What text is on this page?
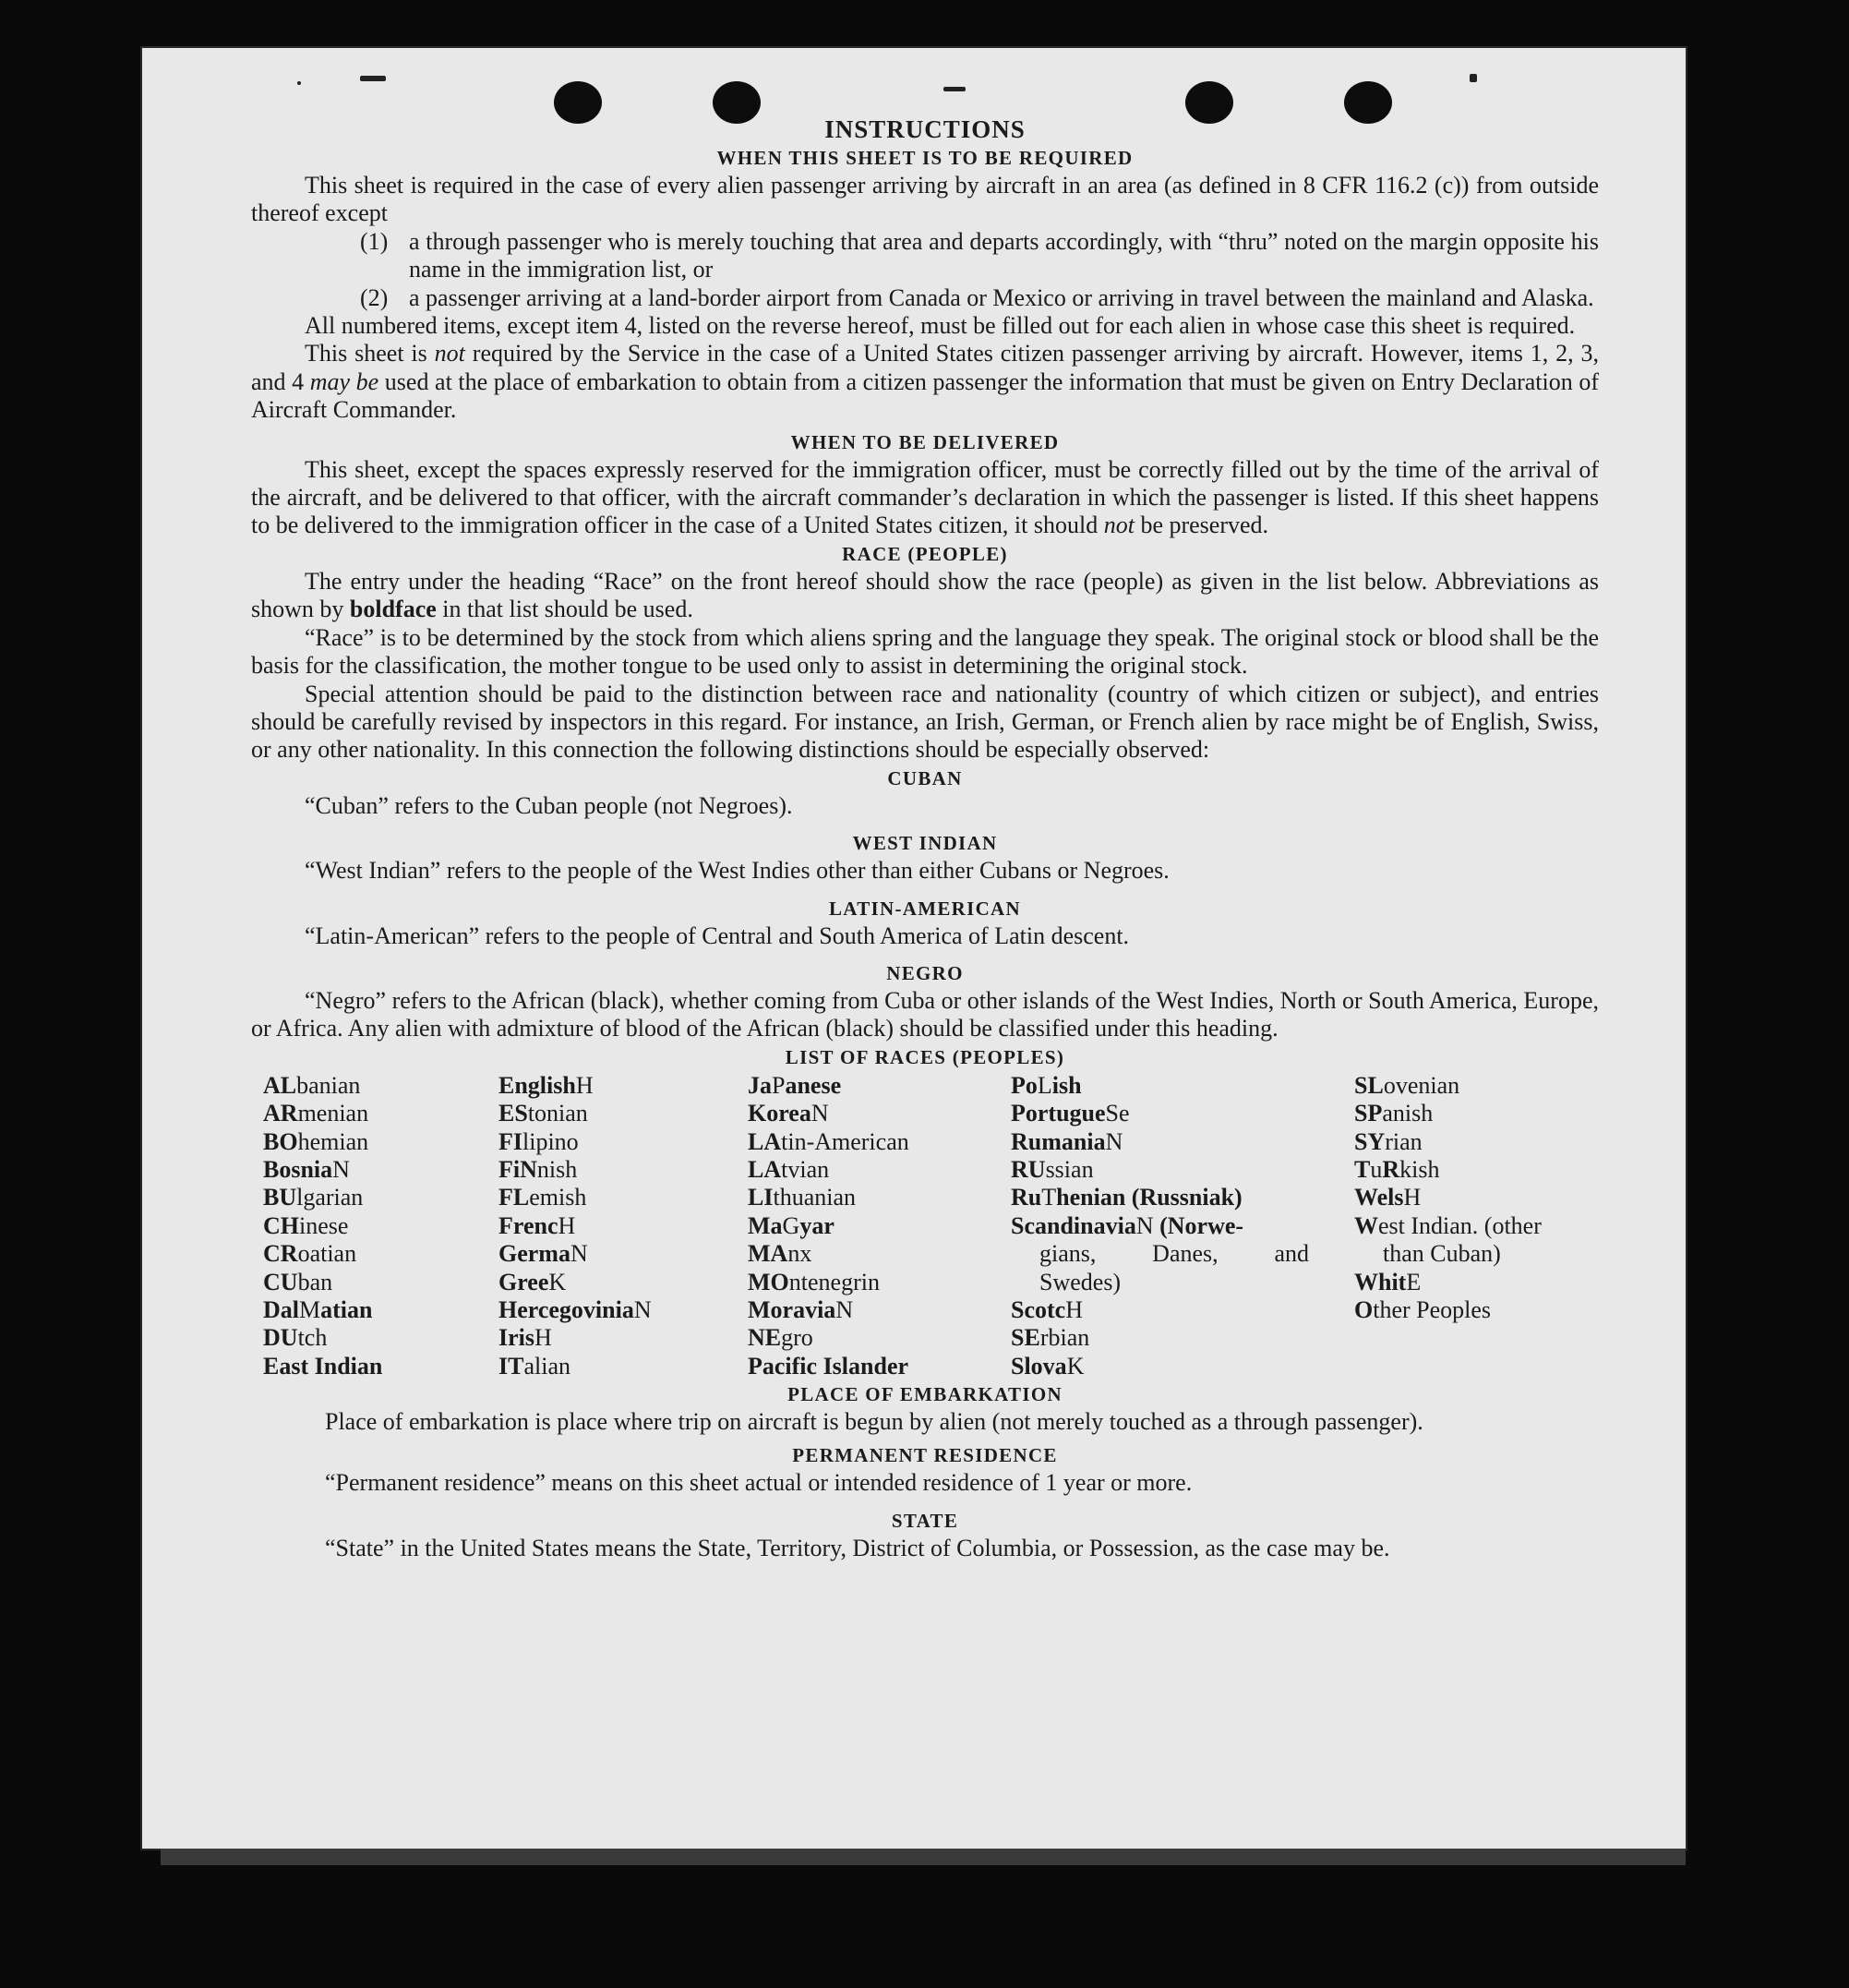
INSTRUCTIONS
WHEN THIS SHEET IS TO BE REQUIRED
This sheet is required in the case of every alien passenger arriving by aircraft in an area (as defined in 8 CFR 116.2 (c)) from outside thereof except
(1) a through passenger who is merely touching that area and departs accordingly, with “thru” noted on the margin opposite his name in the immigration list, or
(2) a passenger arriving at a land-border airport from Canada or Mexico or arriving in travel between the mainland and Alaska.
All numbered items, except item 4, listed on the reverse hereof, must be filled out for each alien in whose case this sheet is required.
This sheet is not required by the Service in the case of a United States citizen passenger arriving by aircraft. However, items 1, 2, 3, and 4 may be used at the place of embarkation to obtain from a citizen passenger the information that must be given on Entry Declaration of Aircraft Commander.
WHEN TO BE DELIVERED
This sheet, except the spaces expressly reserved for the immigration officer, must be correctly filled out by the time of the arrival of the aircraft, and be delivered to that officer, with the aircraft commander’s declaration in which the passenger is listed. If this sheet happens to be delivered to the immigration officer in the case of a United States citizen, it should not be preserved.
RACE (PEOPLE)
The entry under the heading “Race” on the front hereof should show the race (people) as given in the list below. Abbreviations as shown by boldface in that list should be used.
“Race” is to be determined by the stock from which aliens spring and the language they speak. The original stock or blood shall be the basis for the classification, the mother tongue to be used only to assist in determining the original stock.
Special attention should be paid to the distinction between race and nationality (country of which citizen or subject), and entries should be carefully revised by inspectors in this regard. For instance, an Irish, German, or French alien by race might be of English, Swiss, or any other nationality. In this connection the following distinctions should be especially observed:
CUBAN
“Cuban” refers to the Cuban people (not Negroes).
WEST INDIAN
“West Indian” refers to the people of the West Indies other than either Cubans or Negroes.
LATIN-AMERICAN
“Latin-American” refers to the people of Central and South America of Latin descent.
NEGRO
“Negro” refers to the African (black), whether coming from Cuba or other islands of the West Indies, North or South America, Europe, or Africa. Any alien with admixture of blood of the African (black) should be classified under this heading.
LIST OF RACES (PEOPLES)
ALbanian
ARmenian
BOhemian
BosniaN
BUlgarian
CHinese
CRoatian
CUban
DalMatian
DUtch
East Indian
EnglishH
EStonian
FIlipino
FiNnish
FLemish
FrencH
GermaN
GreeK
HercegoviniaN
IrisH
ITalian
JaPanese
KoreaN
LAtin-American
LAtvian
LIthuanian
MaGyar
MAnx
MOntenegrin
MoraviaN
NEgro
Pacific Islander
PoLish
PortugueSe
RumaniaN
RUssian
RuThenian (Russniak)
ScandinaviaN (Norwe-
gians, Danes, and
Swedes)
ScotcH
SErbian
SlovaK
SLovenian
SPanish
SYrian
TuRkish
WelsH
West Indian. (other
than Cuban)
WhitE
Other Peoples
PLACE OF EMBARKATION
Place of embarkation is place where trip on aircraft is begun by alien (not merely touched as a through passenger).
PERMANENT RESIDENCE
“Permanent residence” means on this sheet actual or intended residence of 1 year or more.
STATE
“State” in the United States means the State, Territory, District of Columbia, or Possession, as the case may be.
